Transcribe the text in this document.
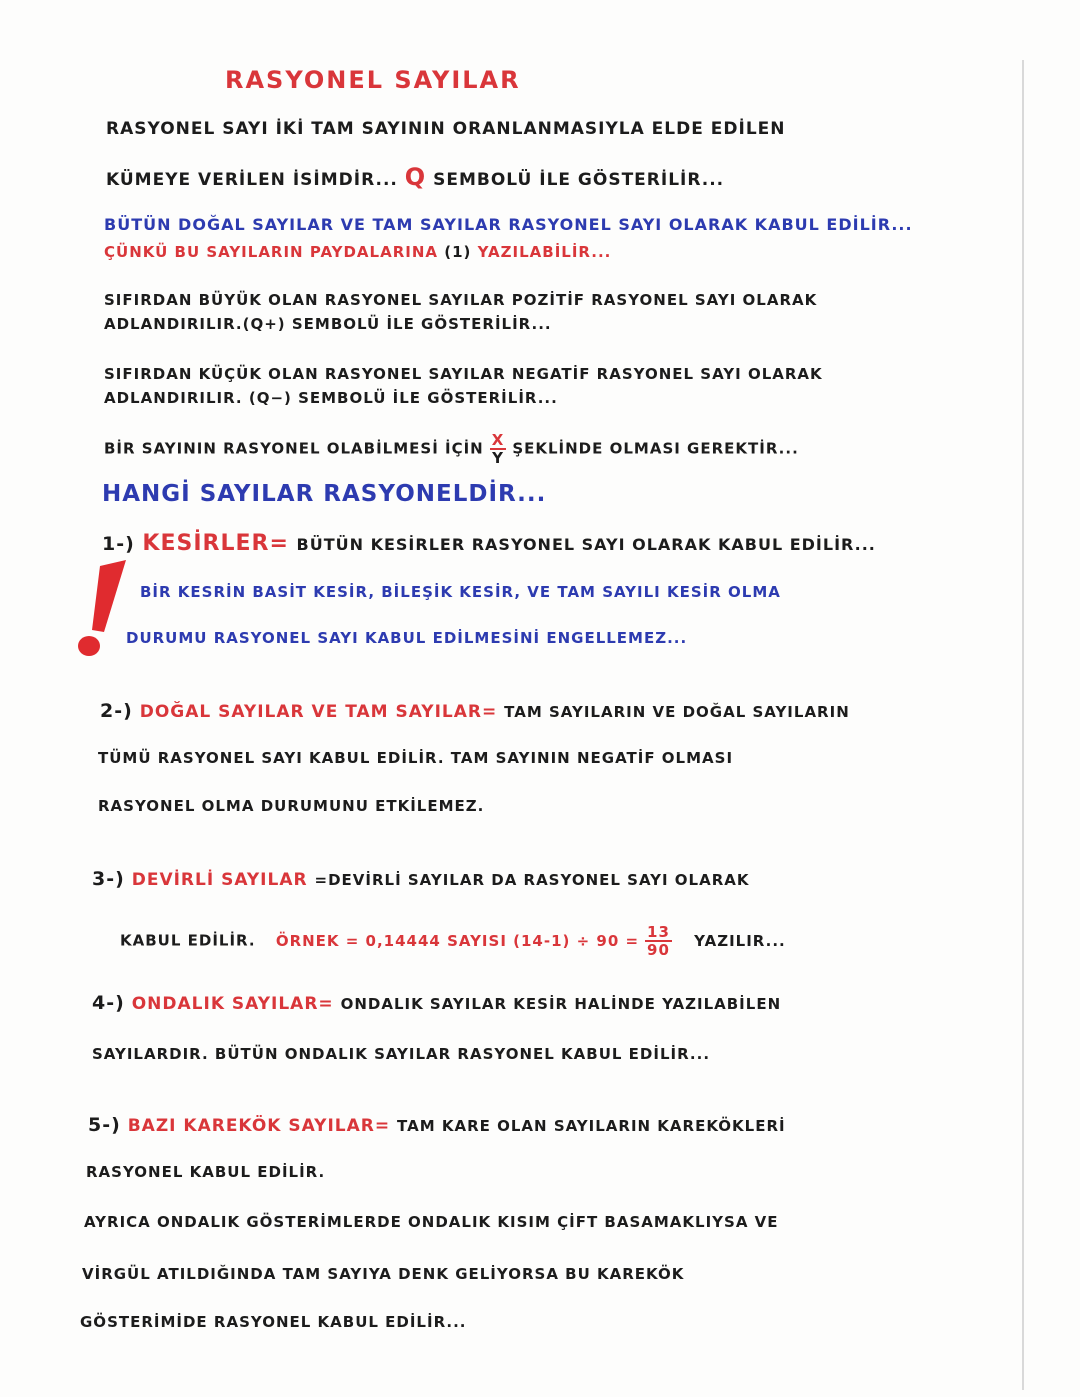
RASYONEL SAYILAR
RASYONEL SAYI İKİ TAM SAYININ ORANLANMASIYLA ELDE EDİLEN
KÜMEYE VERİLEN İSİMDİR... Q SEMBOLÜ İLE GÖSTERİLİR...
BÜTÜN DOĞAL SAYILAR VE TAM SAYILAR RASYONEL SAYI OLARAK KABUL EDİLİR...
ÇÜNKÜ BU SAYILARIN PAYDALARINA (1) YAZILABİLİR...
SIFIRDAN BÜYÜK OLAN RASYONEL SAYILAR POZİTİF RASYONEL SAYI OLARAK
ADLANDIRILIR.(Q+) SEMBOLÜ İLE GÖSTERİLİR...
SIFIRDAN KÜÇÜK OLAN RASYONEL SAYILAR NEGATİF RASYONEL SAYI OLARAK
ADLANDIRILIR. (Q−) SEMBOLÜ İLE GÖSTERİLİR...
BİR SAYININ RASYONEL OLABİLMESİ İÇİN $\frac{X}{Y}$ ŞEKLİNDE OLMASI GEREKTİR...
HANGİ SAYILAR RASYONELDİR...
1-) KESİRLER= BÜTÜN KESİRLER RASYONEL SAYI OLARAK KABUL EDİLİR...
BİR KESRİN BASİT KESİR, BİLEŞİK KESİR, VE TAM SAYILI KESİR OLMA
DURUMU RASYONEL SAYI KABUL EDİLMESİNİ ENGELLEMEZ...
2-) DOĞAL SAYILAR VE TAM SAYILAR= TAM SAYILARIN VE DOĞAL SAYILARIN
TÜMÜ RASYONEL SAYI KABUL EDİLİR. TAM SAYININ NEGATİF OLMASI
RASYONEL OLMA DURUMUNU ETKİLEMEZ.
3-) DEVİRLİ SAYILAR =DEVİRLİ SAYILAR DA RASYONEL SAYI OLARAK
KABUL EDİLİR. ÖRNEK = 0,14444 SAYISI $(14-1) \div 90 = \frac{13}{90}$ YAZILIR...
4-) ONDALIK SAYILAR= ONDALIK SAYILAR KESİR HALİNDE YAZILABİLEN
SAYILARDIR. BÜTÜN ONDALIK SAYILAR RASYONEL KABUL EDİLİR...
5-) BAZI KAREKÖK SAYILAR= TAM KARE OLAN SAYILARIN KAREKÖKLERİ
RASYONEL KABUL EDİLİR.
AYRICA ONDALIK GÖSTERİMLERDE ONDALIK KISIM ÇİFT BASAMAKLIYSA VE
VİRGÜL ATILDIĞINDA TAM SAYIYA DENK GELİYORSA BU KAREKÖK
GÖSTERİMİDE RASYONEL KABUL EDİLİR...
